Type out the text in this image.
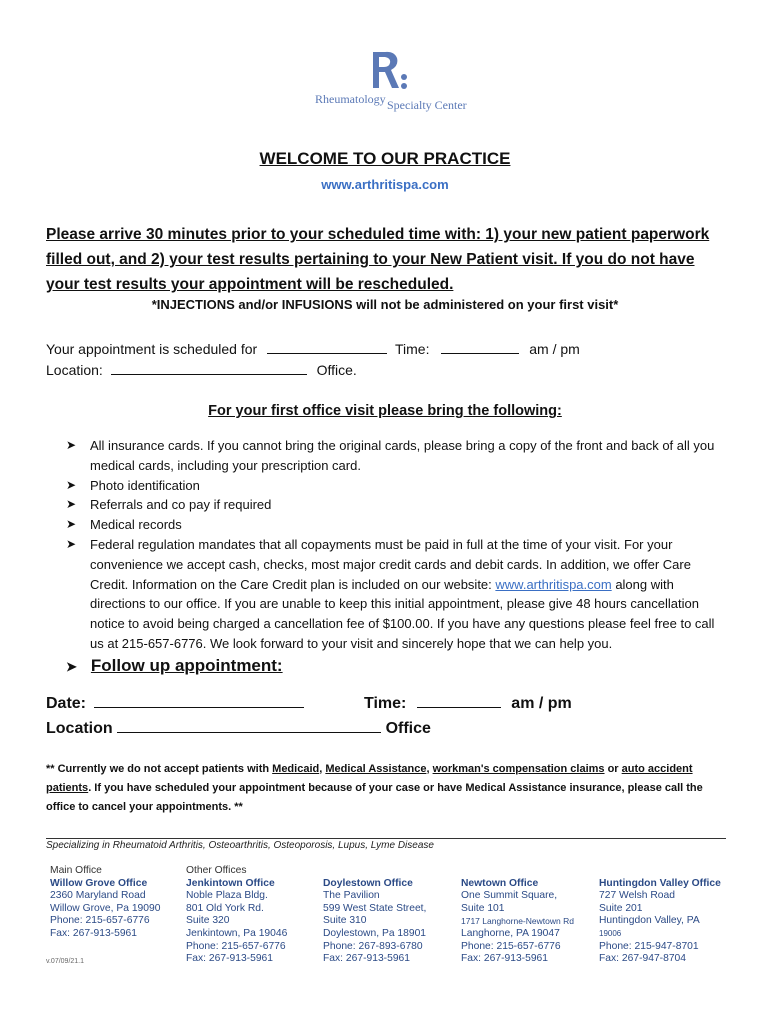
Rheumatology Specialty Center
WELCOME TO OUR PRACTICE
www.arthritispa.com
Please arrive 30 minutes prior to your scheduled time with: 1) your new patient paperwork filled out, and 2) your test results pertaining to your New Patient visit. If you do not have your test results your appointment will be rescheduled.
*INJECTIONS and/or INFUSIONS will not be administered on your first visit*
Your appointment is scheduled for	Time:	am / pm
Location:	Office.
For your first office visit please bring the following:
➤ All insurance cards. If you cannot bring the original cards, please bring a copy of the front and back of all you medical cards, including your prescription card.
➤ Photo identification
➤ Referrals and co pay if required
➤ Medical records
➤ Federal regulation mandates that all copayments must be paid in full at the time of your visit. For your convenience we accept cash, checks, most major credit cards and debit cards. In addition, we offer Care Credit. Information on the Care Credit plan is included on our website: www.arthritispa.com along with directions to our office. If you are unable to keep this initial appointment, please give 48 hours cancellation notice to avoid being charged a cancellation fee of $100.00. If you have any questions please feel free to call us at 215-657-6776. We look forward to your visit and sincerely hope that we can help you.
➤ Follow up appointment:
Date:	Time:	am / pm
Location	Office
** Currently we do not accept patients with Medicaid, Medical Assistance, workman's compensation claims or auto accident patients. If you have scheduled your appointment because of your case or have Medical Assistance insurance, please call the office to cancel your appointments. **
Specializing in Rheumatoid Arthritis, Osteoarthritis, Osteoporosis, Lupus, Lyme Disease
Main Office
Willow Grove Office
2360 Maryland Road
Willow Grove, Pa 19090
Phone: 215-657-6776
Fax: 267-913-5961
Other Offices
Jenkintown Office
Noble Plaza Bldg.
801 Old York Rd.
Suite 320
Jenkintown, Pa 19046
Phone: 215-657-6776
Fax: 267-913-5961

Doylestown Office
The Pavilion
599 West State Street,
Suite 310
Doylestown, Pa 18901
Phone: 267-893-6780
Fax: 267-913-5961

Newtown Office
One Summit Square,
Suite 101
1717 Langhorne-Newtown Rd
Langhorne, PA 19047
Phone: 215-657-6776
Fax: 267-913-5961

Huntingdon Valley Office
727 Welsh Road
Suite 201
Huntingdon Valley, PA
19006
Phone: 215-947-8701
Fax: 267-947-8704
v.07/09/21.1
